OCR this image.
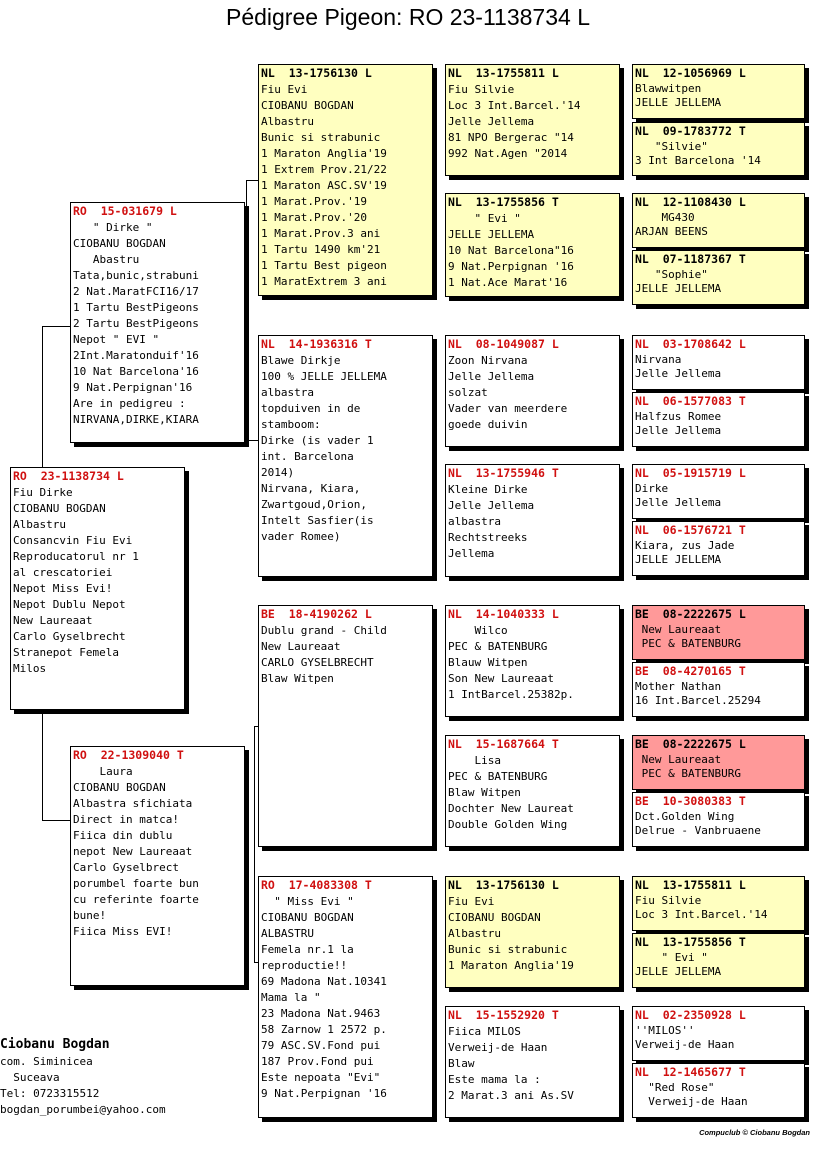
Pédigree Pigeon: RO 23-1138734 L
RO  23-1138734 L
Fiu Dirke
CIOBANU BOGDAN
Albastru
Consancvin Fiu Evi
Reproducatorul nr 1
al crescatoriei
Nepot Miss Evi!
Nepot Dublu Nepot
New Laureaat
Carlo Gyselbrecht
Stranepot Femela
Milos
RO  15-031679 L
" Dirke "
CIOBANU BOGDAN
Abastru
Tata,bunic,strabuni
2 Nat.MaratFCI16/17
1 Tartu BestPigeons
2 Tartu BestPigeons
Nepot " EVI "
2Int.Maratonduif'16
10 Nat Barcelona'16
9 Nat.Perpignan'16
Are in pedigreu :
NIRVANA,DIRKE,KIARA
RO  22-1309040 T
Laura
CIOBANU BOGDAN
Albastra sfichiata
Direct in matca!
Fiica din dublu
nepot New Laureaat
Carlo Gyselbrect
porumbel foarte bun
cu referinte foarte
bune!
Fiica Miss EVI!
NL  13-1756130 L
Fiu Evi
CIOBANU BOGDAN
Albastru
Bunic si strabunic
1 Maraton Anglia'19
1 Extrem Prov.21/22
1 Maraton ASC.SV'19
1 Marat.Prov.'19
1 Marat.Prov.'20
1 Marat.Prov.3 ani
1 Tartu 1490 km'21
1 Tartu Best pigeon
1 MaratExtrem 3 ani
NL  14-1936316 T
Blawe Dirkje
100 % JELLE JELLEMA
albastra
topduiven in de
stamboom:
Dirke (is vader 1
int. Barcelona
2014)
Nirvana, Kiara,
Zwartgoud,Orion,
Intelt Sasfier(is
vader Romee)
BE  18-4190262 L
Dublu grand - Child
New Laureaat
CARLO GYSELBRECHT
Blaw Witpen
RO  17-4083308 T
" Miss Evi "
CIOBANU BOGDAN
ALBASTRU
Femela nr.1 la
reproductie!!
69 Madona Nat.10341
Mama la "
23 Madona Nat.9463
58 Zarnow 1 2572 p.
79 ASC.SV.Fond pui
187 Prov.Fond pui
Este nepoata "Evi"
9 Nat.Perpignan '16
NL  13-1755811 L
Fiu Silvie
Loc 3 Int.Barcel.'14
Jelle Jellema
81 NPO Bergerac "14
992 Nat.Agen "2014
NL  13-1755856 T
" Evi "
JELLE JELLEMA
10 Nat Barcelona"16
9 Nat.Perpignan '16
1 Nat.Ace Marat'16
NL  08-1049087 L
Zoon Nirvana
Jelle Jellema
solzat
Vader van meerdere
goede duivin
NL  13-1755946 T
Kleine Dirke
Jelle Jellema
albastra
Rechtstreeks
Jellema
NL  14-1040333 L
Wilco
PEC & BATENBURG
Blauw Witpen
Son New Laureaat
1 IntBarcel.25382p.
NL  15-1687664 T
Lisa
PEC & BATENBURG
Blaw Witpen
Dochter New Laureat
Double Golden Wing
NL  13-1756130 L
Fiu Evi
CIOBANU BOGDAN
Albastru
Bunic si strabunic
1 Maraton Anglia'19
NL  15-1552920 T
Fiica MILOS
Verweij-de Haan
Blaw
Este mama la :
2 Marat.3 ani As.SV
NL  12-1056969 L
Blawwitpen
JELLE JELLEMA
NL  09-1783772 T
"Silvie"
3 Int Barcelona '14
NL  12-1108430 L
MG430
ARJAN BEENS
NL  07-1187367 T
"Sophie"
JELLE JELLEMA
NL  03-1708642 L
Nirvana
Jelle Jellema
NL  06-1577083 T
Halfzus Romee
Jelle Jellema
NL  05-1915719 L
Dirke
Jelle Jellema
NL  06-1576721 T
Kiara, zus Jade
JELLE JELLEMA
BE  08-2222675 L
New Laureaat
PEC & BATENBURG
BE  08-4270165 T
Mother Nathan
16 Int.Barcel.25294
BE  08-2222675 L
New Laureaat
PEC & BATENBURG
BE  10-3080383 T
Dct.Golden Wing
Delrue - Vanbruaene
NL  13-1755811 L
Fiu Silvie
Loc 3 Int.Barcel.'14
NL  13-1755856 T
" Evi "
JELLE JELLEMA
NL  02-2350928 L
''MILOS''
Verweij-de Haan
NL  12-1465677 T
"Red Rose"
Verweij-de Haan
Ciobanu Bogdan
com. Siminicea
Suceava
Tel: 0723315512
bogdan_porumbei@yahoo.com
Compuclub © Ciobanu Bogdan
